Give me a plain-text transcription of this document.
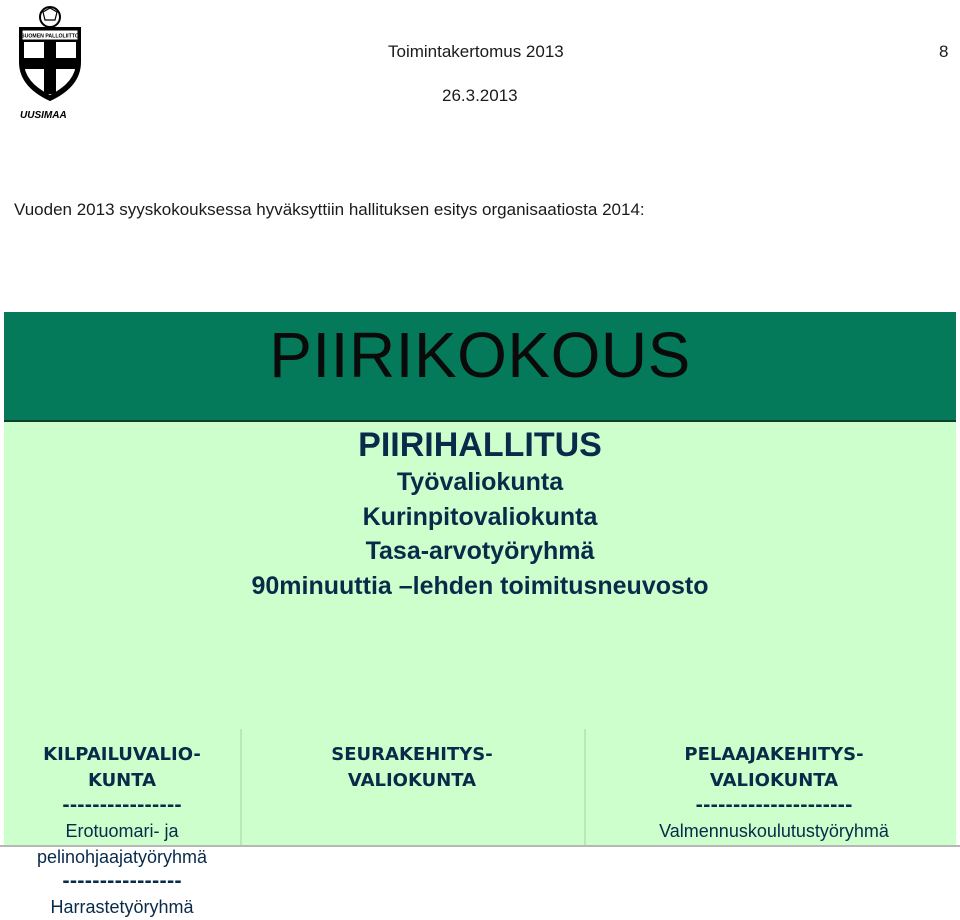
SUOMEN PALLOLIITTO
UUSIMAA
Toimintakertomus 2013	8
26.3.2013
Vuoden 2013 syyskokouksessa hyväksyttiin hallituksen esitys organisaatiosta 2014:
PIIRIKOKOUS
PIIRIHALLITUS
Työvaliokunta
Kurinpitovaliokunta
Tasa-arvotyöryhmä
90minuuttia –lehden toimitusneuvosto
KILPAILUVALIO-
KUNTA
----------------
Erotuomari- ja
pelinohjaajatyöryhmä
----------------
Harrastetyöryhmä
SEURAKEHITYS-
VALIOKUNTA
PELAAJAKEHITYS-
VALIOKUNTA
---------------------
Valmennuskoulutustyöryhmä
